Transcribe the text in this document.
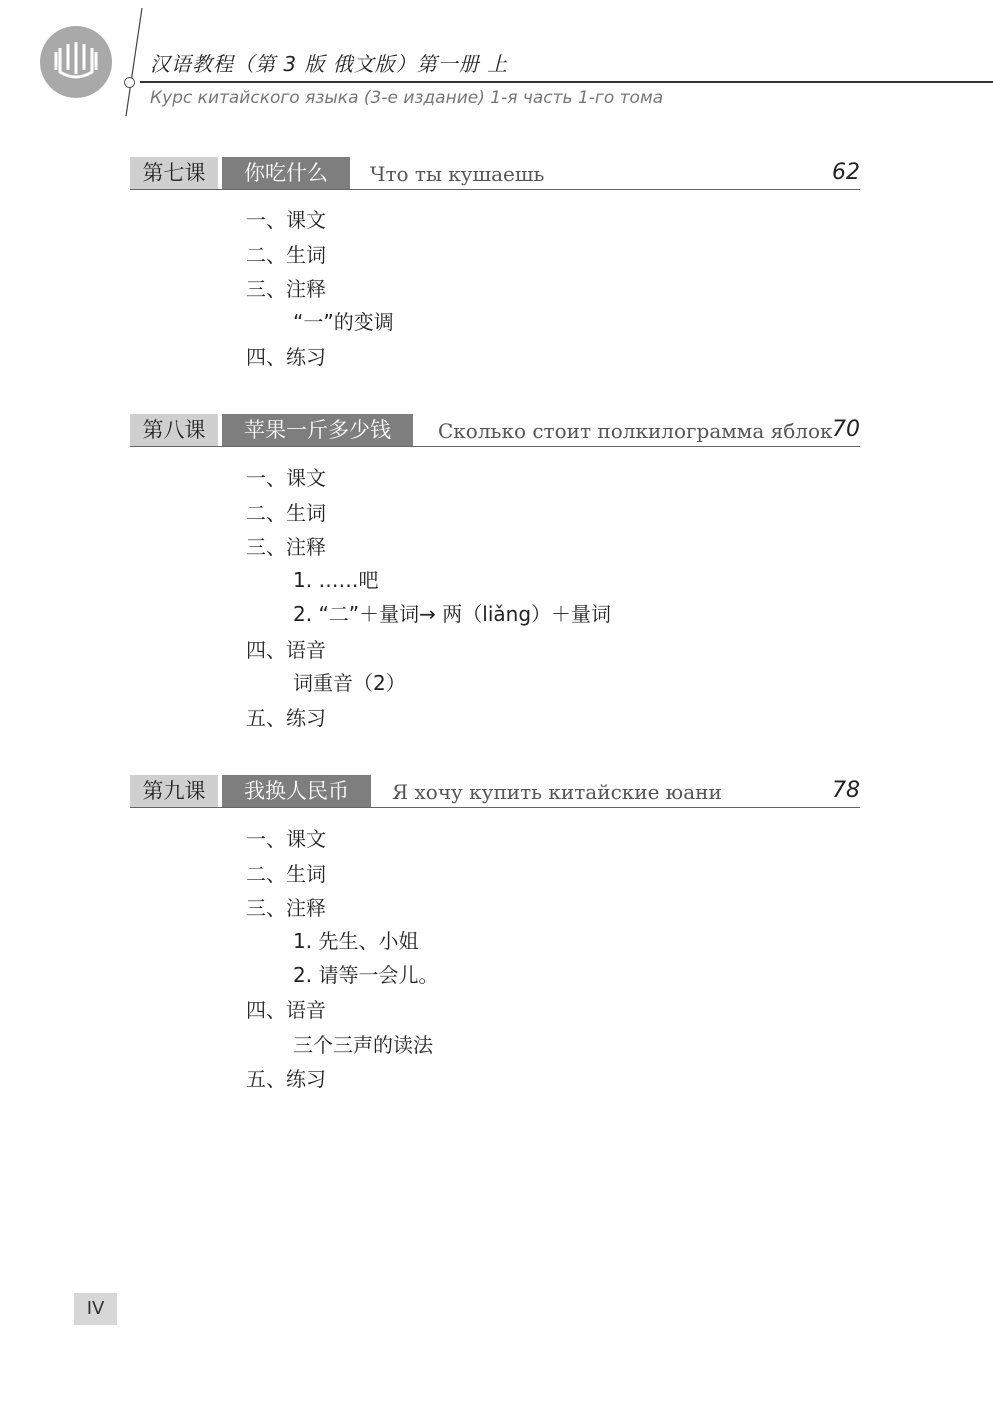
汉语教程（第 3 版 俄文版）第一册 上
Курс китайского языка (3-е издание) 1-я часть 1-го тома
第七课	你吃什么	Что ты кушаешь	62
一、课文
二、生词
三、注释
“一”的变调
四、练习
第八课	苹果一斤多少钱	Сколько стоит полкилограмма яблок 70
一、课文
二、生词
三、注释
1. ……吧
2. “二”＋量词→ 两（liǎng）＋量词
四、语音
词重音（2）
五、练习
第九课	我换人民币	Я хочу купить китайские юани	78
一、课文
二、生词
三、注释
1. 先生、小姐
2. 请等一会儿。
四、语音
三个三声的读法
五、练习
IV
